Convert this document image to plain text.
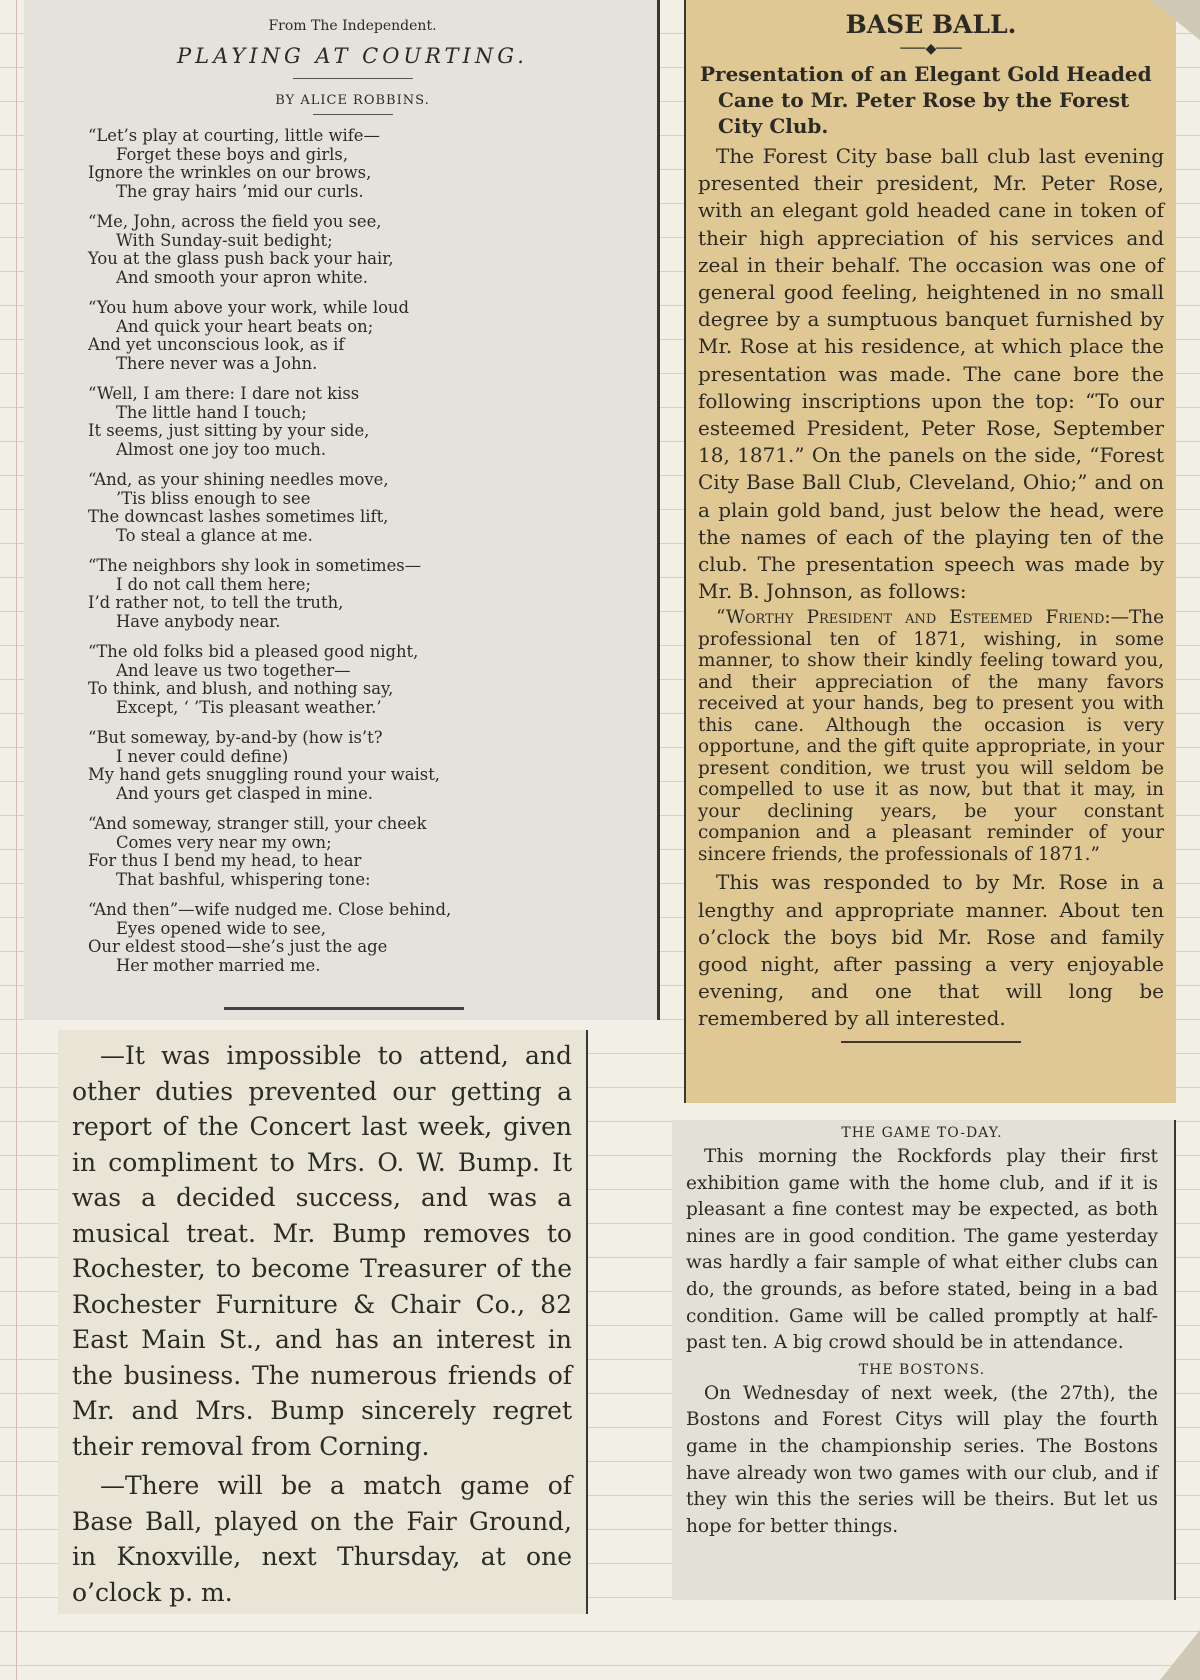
From The Independent.
PLAYING AT COURTING.
BY ALICE ROBBINS.
“Let’s play at courting, little wife—
Forget these boys and girls,
Ignore the wrinkles on our brows,
The gray hairs ’mid our curls.
“Me, John, across the field you see,
With Sunday-suit bedight;
You at the glass push back your hair,
And smooth your apron white.
“You hum above your work, while loud
And quick your heart beats on;
And yet unconscious look, as if
There never was a John.
“Well, I am there: I dare not kiss
The little hand I touch;
It seems, just sitting by your side,
Almost one joy too much.
“And, as your shining needles move,
’Tis bliss enough to see
The downcast lashes sometimes lift,
To steal a glance at me.
“The neighbors shy look in sometimes—
I do not call them here;
I’d rather not, to tell the truth,
Have anybody near.
“The old folks bid a pleased good night,
And leave us two together—
To think, and blush, and nothing say,
Except, ‘ ’Tis pleasant weather.’
“But someway, by-and-by (how is’t?
I never could define)
My hand gets snuggling round your waist,
And yours get clasped in mine.
“And someway, stranger still, your cheek
Comes very near my own;
For thus I bend my head, to hear
That bashful, whispering tone:
“And then”—wife nudged me. Close behind,
Eyes opened wide to see,
Our eldest stood—she’s just the age
Her mother married me.

—It was impossible to attend, and other duties prevented our getting a report of the Concert last week, given in compliment to Mrs. O. W. Bump. It was a decided success, and was a musical treat. Mr. Bump removes to Rochester, to become Treasurer of the Rochester Furniture & Chair Co., 82 East Main St., and has an interest in the business. The numerous friends of Mr. and Mrs. Bump sincerely regret their removal from Corning.

—There will be a match game of Base Ball, played on the Fair Ground, in Knoxville, next Thursday, at one o’clock p. m.

BASE BALL.
───◆───
Presentation of an Elegant Gold Headed Cane to Mr. Peter Rose by the Forest City Club.

The Forest City base ball club last evening presented their president, Mr. Peter Rose, with an elegant gold headed cane in token of their high appreciation of his services and zeal in their behalf. The occasion was one of general good feeling, heightened in no small degree by a sumptuous banquet furnished by Mr. Rose at his residence, at which place the presentation was made. The cane bore the following inscriptions upon the top: “To our esteemed President, Peter Rose, September 18, 1871.” On the panels on the side, “Forest City Base Ball Club, Cleveland, Ohio;” and on a plain gold band, just below the head, were the names of each of the playing ten of the club. The presentation speech was made by Mr. B. Johnson, as follows:

“Worthy President and Esteemed Friend:—The professional ten of 1871, wishing, in some manner, to show their kindly feeling toward you, and their appreciation of the many favors received at your hands, beg to present you with this cane. Although the occasion is very opportune, and the gift quite appropriate, in your present condition, we trust you will seldom be compelled to use it as now, but that it may, in your declining years, be your constant companion and a pleasant reminder of your sincere friends, the professionals of 1871.”

This was responded to by Mr. Rose in a lengthy and appropriate manner. About ten o’clock the boys bid Mr. Rose and family good night, after passing a very enjoyable evening, and one that will long be remembered by all interested.

THE GAME TO-DAY.

This morning the Rockfords play their first exhibition game with the home club, and if it is pleasant a fine contest may be expected, as both nines are in good condition. The game yesterday was hardly a fair sample of what either clubs can do, the grounds, as before stated, being in a bad condition. Game will be called promptly at half-past ten. A big crowd should be in attendance.

THE BOSTONS.

On Wednesday of next week, (the 27th), the Bostons and Forest Citys will play the fourth game in the championship series. The Bostons have already won two games with our club, and if they win this the series will be theirs. But let us hope for better things.
